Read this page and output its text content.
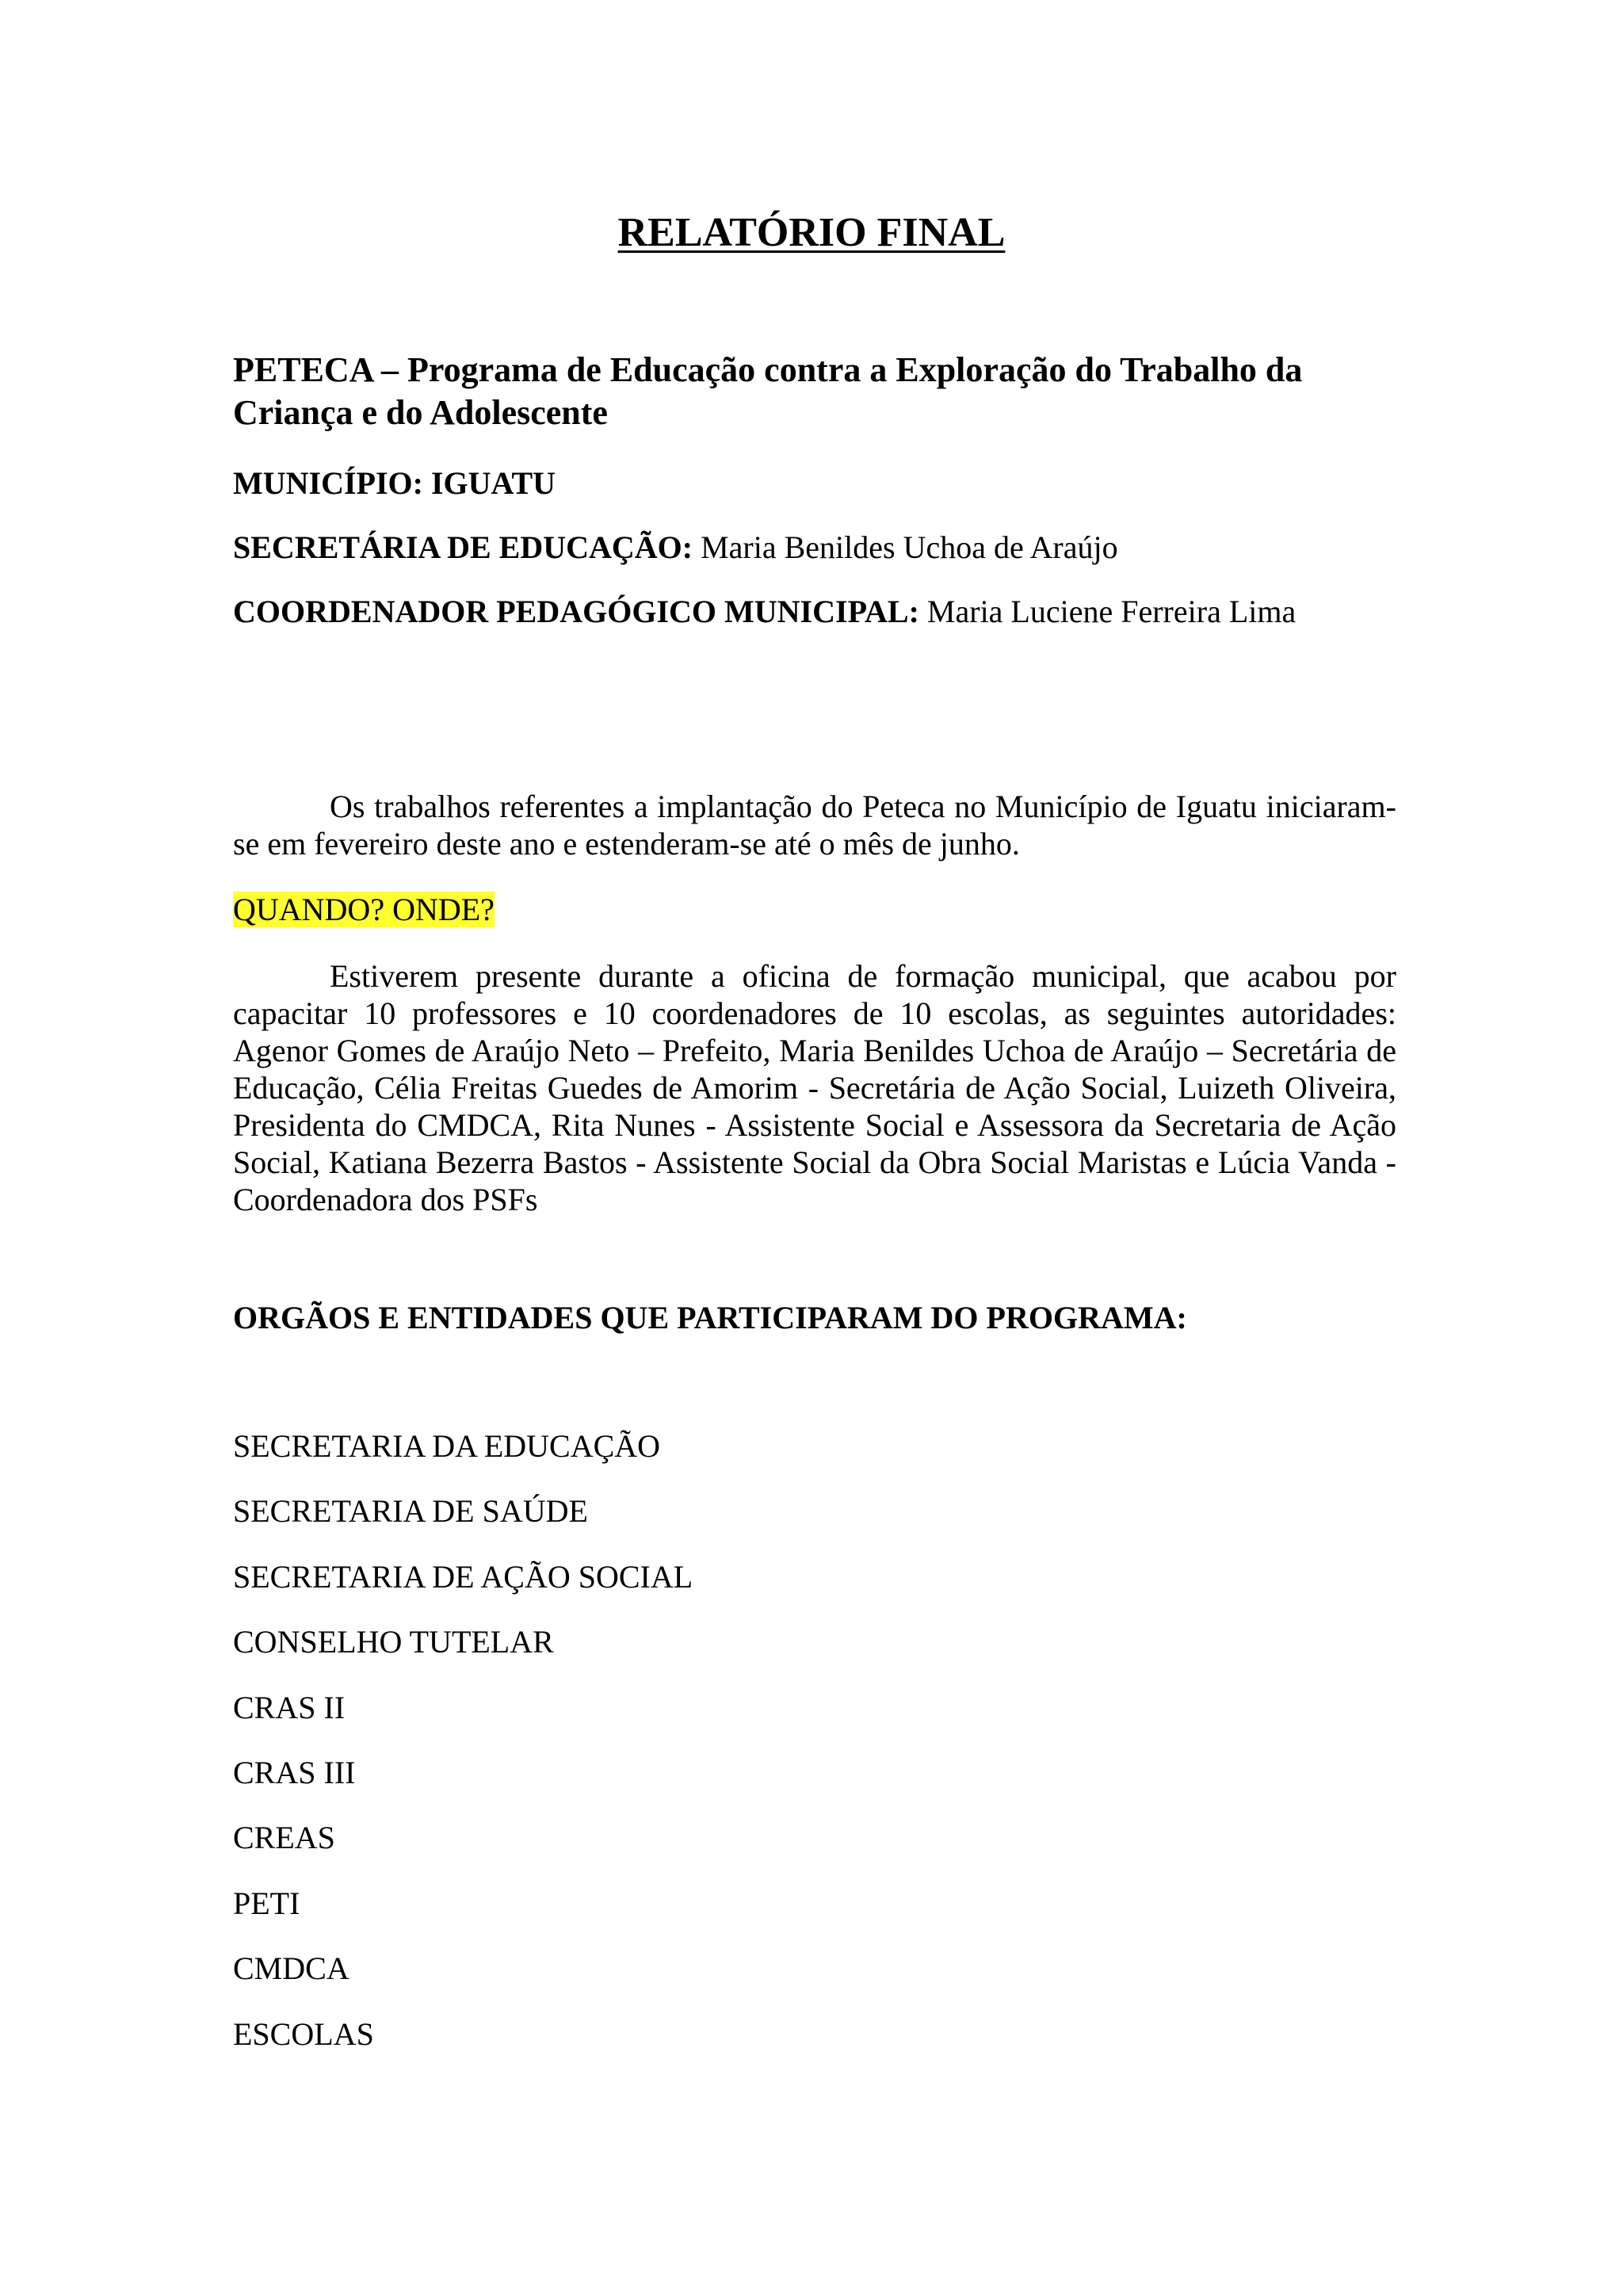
RELATÓRIO FINAL

PETECA – Programa de Educação contra a Exploração do Trabalho da Criança e do Adolescente

MUNICÍPIO: IGUATU

SECRETÁRIA DE EDUCAÇÃO: Maria Benildes Uchoa de Araújo

COORDENADOR PEDAGÓGICO MUNICIPAL: Maria Luciene Ferreira Lima

Os trabalhos referentes a implantação do Peteca no Município de Iguatu iniciaram-se em fevereiro deste ano e estenderam-se até o mês de junho.

QUANDO? ONDE?

Estiverem presente durante a oficina de formação municipal, que acabou por capacitar 10 professores e 10 coordenadores de 10 escolas, as seguintes autoridades: Agenor Gomes de Araújo Neto – Prefeito, Maria Benildes Uchoa de Araújo – Secretária de Educação, Célia Freitas Guedes de Amorim - Secretária de Ação Social, Luizeth Oliveira, Presidenta do CMDCA, Rita Nunes - Assistente Social e Assessora da Secretaria de Ação Social, Katiana Bezerra Bastos - Assistente Social da Obra Social Maristas e Lúcia Vanda - Coordenadora dos PSFs

ORGÃOS E ENTIDADES QUE PARTICIPARAM DO PROGRAMA:

SECRETARIA DA EDUCAÇÃO
SECRETARIA DE SAÚDE
SECRETARIA DE AÇÃO SOCIAL
CONSELHO TUTELAR
CRAS II
CRAS III
CREAS
PETI
CMDCA
ESCOLAS
